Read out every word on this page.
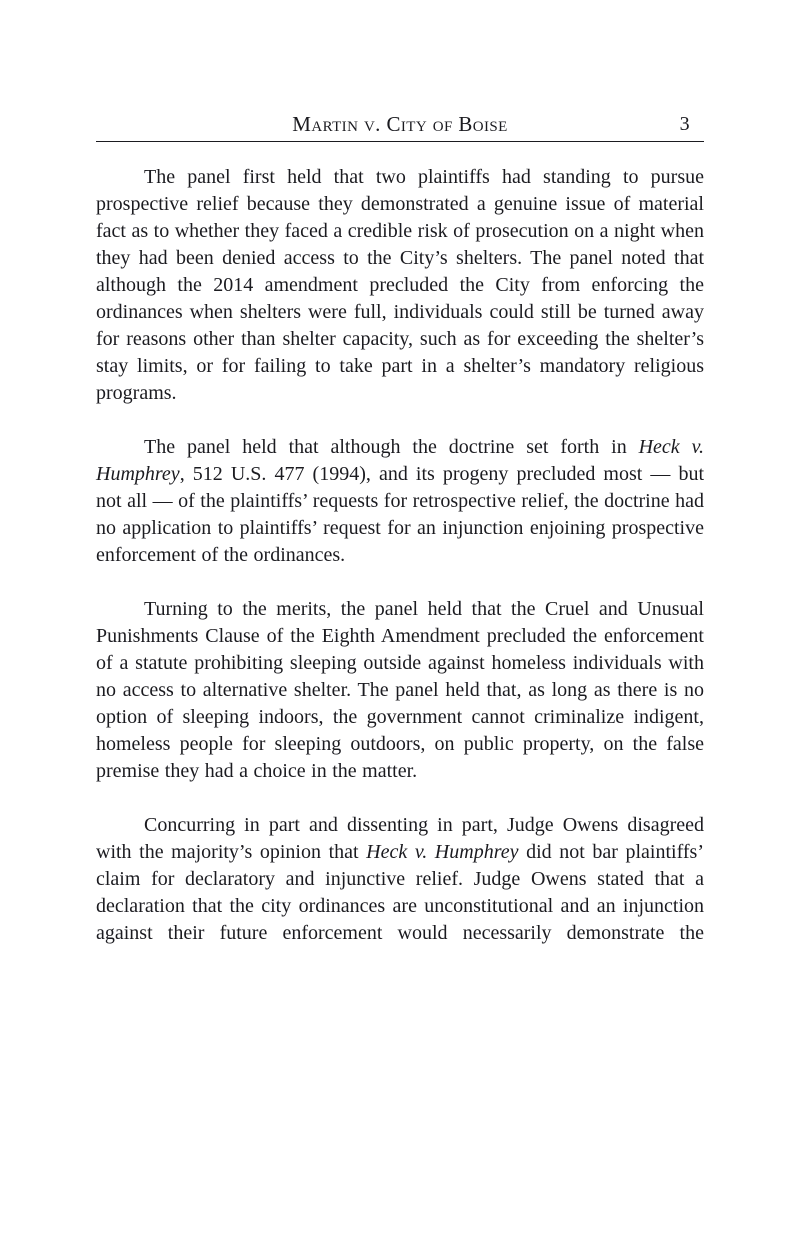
Martin v. City of Boise	3

The panel first held that two plaintiffs had standing to pursue prospective relief because they demonstrated a genuine issue of material fact as to whether they faced a credible risk of prosecution on a night when they had been denied access to the City’s shelters. The panel noted that although the 2014 amendment precluded the City from enforcing the ordinances when shelters were full, individuals could still be turned away for reasons other than shelter capacity, such as for exceeding the shelter’s stay limits, or for failing to take part in a shelter’s mandatory religious programs.

The panel held that although the doctrine set forth in Heck v. Humphrey, 512 U.S. 477 (1994), and its progeny precluded most — but not all — of the plaintiffs’ requests for retrospective relief, the doctrine had no application to plaintiffs’ request for an injunction enjoining prospective enforcement of the ordinances.

Turning to the merits, the panel held that the Cruel and Unusual Punishments Clause of the Eighth Amendment precluded the enforcement of a statute prohibiting sleeping outside against homeless individuals with no access to alternative shelter. The panel held that, as long as there is no option of sleeping indoors, the government cannot criminalize indigent, homeless people for sleeping outdoors, on public property, on the false premise they had a choice in the matter.

Concurring in part and dissenting in part, Judge Owens disagreed with the majority’s opinion that Heck v. Humphrey did not bar plaintiffs’ claim for declaratory and injunctive relief. Judge Owens stated that a declaration that the city ordinances are unconstitutional and an injunction against their future enforcement would necessarily demonstrate the
